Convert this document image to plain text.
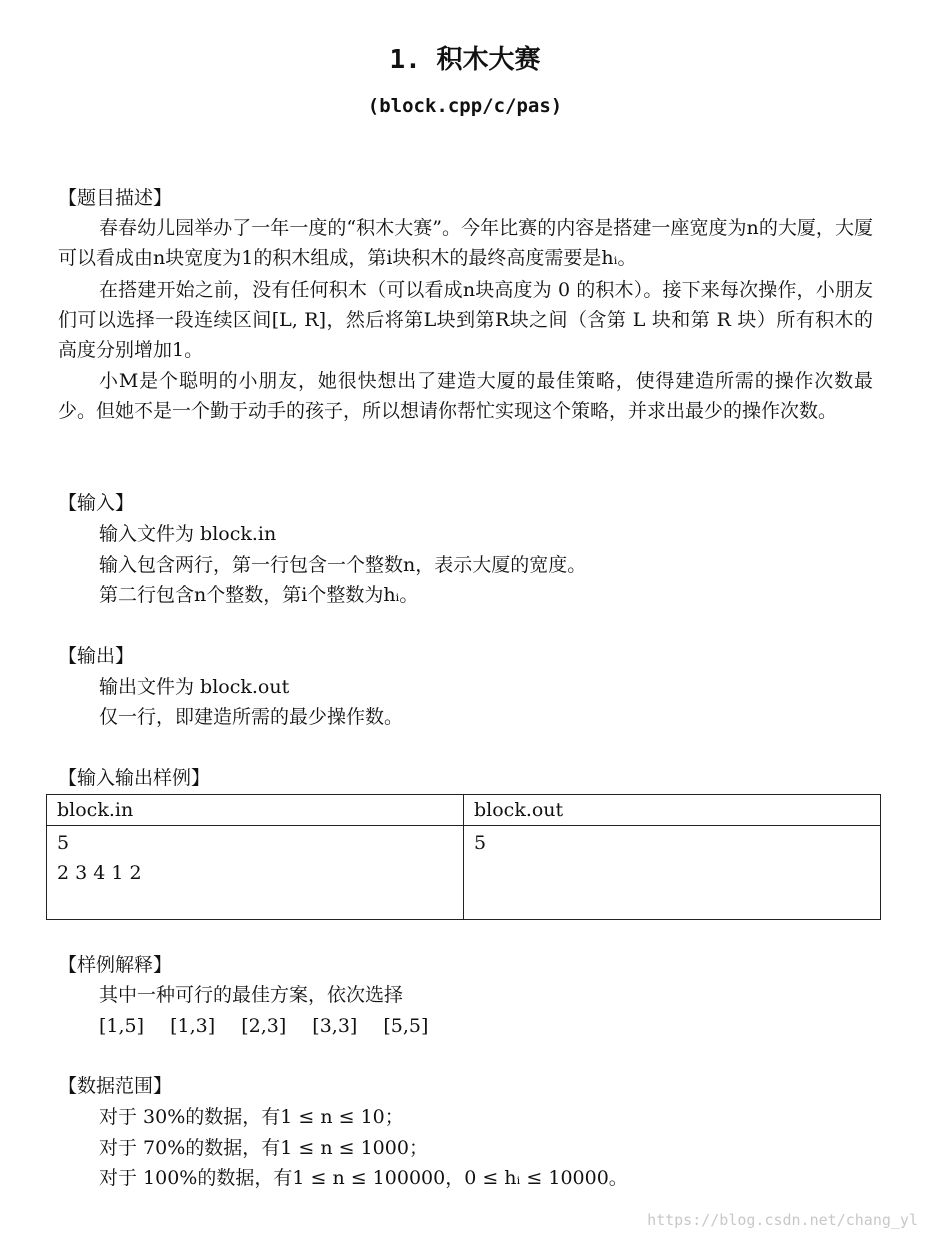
1. 积木大赛
(block.cpp/c/pas)
【题目描述】

春春幼儿园举办了一年一度的“积木大赛”。今年比赛的内容是搭建一座宽度为n的大厦，大厦可以看成由n块宽度为1的积木组成，第i块积木的最终高度需要是hᵢ。

在搭建开始之前，没有任何积木（可以看成n块高度为 0 的积木）。接下来每次操作，小朋友们可以选择一段连续区间[L, R]，然后将第L块到第R块之间（含第 L 块和第 R 块）所有积木的高度分别增加1。

小M是个聪明的小朋友，她很快想出了建造大厦的最佳策略，使得建造所需的操作次数最少。但她不是一个勤于动手的孩子，所以想请你帮忙实现这个策略，并求出最少的操作次数。

【输入】

输入文件为 block.in

输入包含两行，第一行包含一个整数n，表示大厦的宽度。

第二行包含n个整数，第i个整数为hᵢ。

【输出】

输出文件为 block.out

仅一行，即建造所需的最少操作数。

【输入输出样例】
block.in	block.out

5
2 3 4 1 2	5
【样例解释】

其中一种可行的最佳方案，依次选择

[1,5] [1,3] [2,3] [3,3] [5,5]

【数据范围】

对于 30%的数据，有1 ≤ n ≤ 10；

对于 70%的数据，有1 ≤ n ≤ 1000；

对于 100%的数据，有1 ≤ n ≤ 100000，0 ≤ hᵢ ≤ 10000。

https://blog.csdn.net/chang_yl
